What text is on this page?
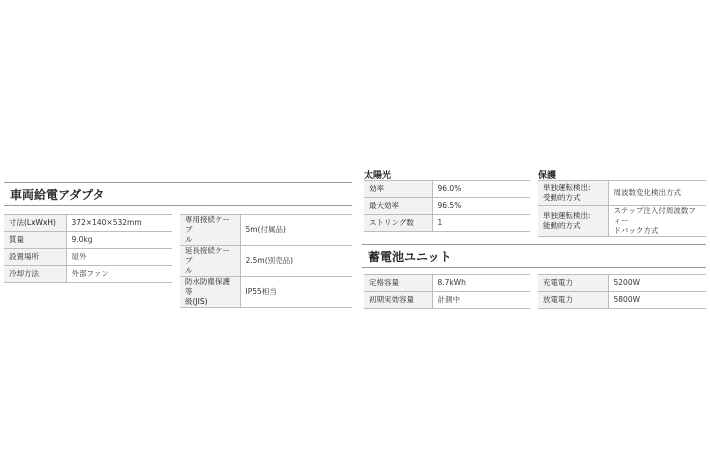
車両給電アダプタ
寸法(LxWxH)	372×140×532mm
質量	9.0kg
設置場所	屋外
冷却方法	外部ファン
専用接続ケーブ
ル	5m(付属品)
延長接続ケーブ
ル	2.5m(別売品)
防水防塵保護等
級(JIS)	IP55相当
太陽光
効率	96.0%
最大効率	96.5%
ストリング数	1
保護
単独運転検出:
受動的方式	周波数変化検出方式
単独運転検出:
能動的方式	ステップ注入付周波数フィー
ドバック方式
蓄電池ユニット
定格容量	8.7kWh
初期実効容量	計測中
充電電力	5200W
放電電力	5800W
